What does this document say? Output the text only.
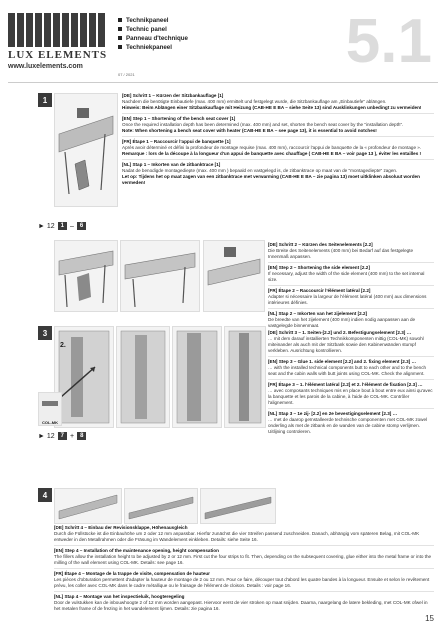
LUX ELEMENTS
www.luxelements.com
Technikpaneel
Technic panel
Panneau d'technique
Techniekpaneel
07 / 2021	5.1
1
► 12	1 –	6
[DE] Schritt 1 – Kürzen der Sitzbankauflage [1]
Nachdem die benötigte Einbautiefe (max. 400 mm) ermittelt und festgelegt wurde, die Sitzbankauflage am „Einbautiefe" ablängen.
Hinweis: Beim Ablängen einer Sitzbankauflage mit Heizung (CAB-HE E BA – siehe Seite 13) sind Ausklinkungen unbedingt zu vermeiden!
[EN] Step 1 – Shortening of the bench seat cover [1]
Once the required installation depth has been determined (max. 400 mm) and set, shorten the bench seat cover by the "installation depth".
Note: When shortening a bench seat cover with heater (CAB-HE E BA – see page 13), it is essential to avoid notches!
[FR] Étape 1 – Raccourcir l'appui de banquette [1]
Après avoir déterminé et défini la profondeur de montage requise (max. 400 mm), raccourcir l'appui de banquette de la « profondeur de montage ».
Remarque : lors de la découpe à la longueur d'un appui de banquette avec chauffage ( CAB-HE E BA – voir page 13 ), éviter les entailles !
[NL] Stap 1 – Inkorten van de zitbanktrace [1]
Nadat de benodigde montagediepte (max. 400 mm ) bepaald en vastgelegd is, de zitbanktrace op maat van de "montagediepte" zagen.
Let op: Tijdens het op maat zagen van een zitbanktrace met verwarming (CAB-HE E BA – zie pagina 13) moet uitklinken absoluut worden vermeden!
[DE] Schritt 2 – Kürzen des Seitenelements [2.2]
Die Breite des Seitenelements (400 mm) bei Bedarf auf das festgelegte Innenmaß anpassen.
[EN] Step 2 – Shortening the side element [2.2]
If necessary, adjust the width of the side element (400 mm) to the set internal size.
[FR] Étape 2 – Raccourcir l'élément latéral [2.2]
Adapter si nécessaire la largeur de l'élément latéral (400 mm) aux dimensions intérieures définies.
[NL] Stap 2 – Inkorten van het zijelement [2.2]
De breedte van het zijelement (400 mm) indien nodig aanpassen aan de vastgelegde binnenmaat.
3
2.
COL-MK
► 12	7 +	8
[DE] Schritt 3 – 1. Seiten-[2.2] und 2. Befestigungselement [2.3] …
… mit dem darauf installierten Technikkomponenten mittig (COL-MK) sowohl miteinander als auch mit der Sitzbank sowie den Kabinenwänden stumpf verkleben. Ausrichtung kontrollieren.
[EN] Step 3 – Glue 1. side element [2.2] and 2. fixing element [2.3] …
… with the installed technical components butt to each other and to the bench seat and the cabin walls with butt joints using COL-MK. Check the alignment.
[FR] Étape 3 – 1. l'élément latéral [2.2] et 2. l'élément de fixation [2.3] …
… avec composants techniques mis en place bout à bout entre eux ainsi qu'avec la banquette et les parois de la cabine, à l'aide de COL-MK. Contrôler l'alignement.
[NL] Stap 3 – 1e zij- [2.2] en 2e bevestigingselement [2.3] …
… met de daarop geïnstalleerde technische componenten met COL-MK zowel onderling als met de zitbank en de wanden van de cabine stomp verlijmen. Uitlijning controleren.
4
[DE] Schritt 4 – Einbau der Revisionsklappe, Höhenausgleich
Durch die Füllstücke ist die Einbauhöhe um 2 oder 12 mm anpassbar. Hierfür zunächst die vier Streifen passend zuschneiden. Danach, abhängig vom späteren Belag, mit COL-MK entweder in den Metallrahmen oder die Fräsung im Wandelement einkleben. Details: siehe Seite 16.
[EN] Step 4 – Installation of the maintenance opening, height compensation
The fillers allow the installation height to be adjusted by 2 or 12 mm. First cut the four strips to fit. Then, depending on the subsequent covering, glue either into the metal frame or into the milling of the wall element using COL-MK. Details: see page 16.
[FR] Étape 4 – Montage de la trappe de visite, compensation de hauteur
Les pièces d'obturation permettent d'adapter la hauteur de montage de 2 ou 12 mm. Pour ce faire, découper tout d'abord les quatre bandes à la longueur. Ensuite et selon le revêtement prévu, les coller avec COL-MK dans le cadre métallique ou le fraisage de l'élément de cloison. Details : voir page 16.
[NL] Stap 4 – Montage van het inspectieluik, hoogteregeling
Door de vulstukken kan de inbouwhoogte 2 of 12 mm worden aangepast. Hiervoor eerst de vier stroken op maat snijden. Daarna, naargelang de latere bekleding, met COL-MK ofwel in het metalen frame of de frezing in het wandelement lijmen. Details: zie pagina 16.
15
